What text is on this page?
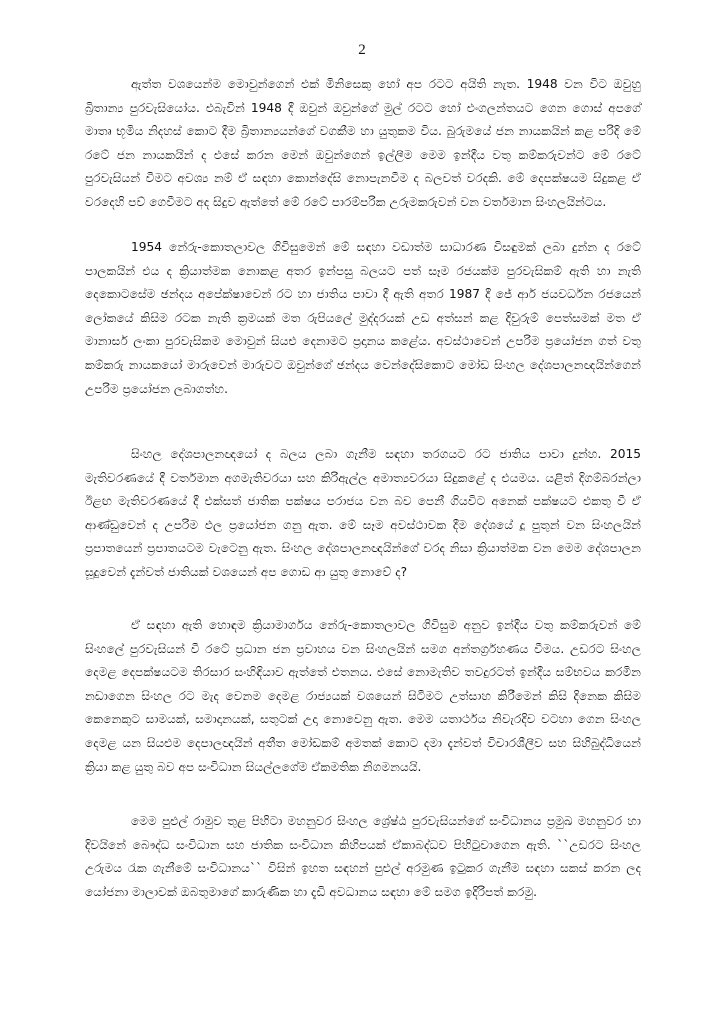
2

ඇත්ත වශයෙන්ම මොවුන්ගෙන් එක් මිනිසෙකු හෝ අප රටට අයිති නැත. 1948 වන විට ඔවුහු බ්‍රිතාන්‍ය පුරවැසියෝය. එබැවින් 1948 දී ඔවුන් ඔවුන්ගේ මුල් රටට හෝ එංගලන්තයට ගෙන ගොස් අපගේ මාතෘ භූමිය නිදහස් කොට දීම බ්‍රිතාන්‍යයන්ගේ වගකීම හා යුතුකම විය. බුරුමයේ ජන නායකයින් කළ පරිදි මේ රටේ ජන නායකයින් ද එසේ කරන මෙන් ඔවුන්ගෙන් ඉල්ලීම මෙම ඉන්දීය වතු කම්කරුවන්ට මේ රටේ පුරවැසියන් වීමට අවශ්‍ය නම් ඒ සඳහා කොන්දේසි නොපැනවීම ද බලවත් වරදකි. මේ දෙපක්ෂයම සිදුකළ ඒ වරදෙහි පව් ගෙවීමට අද සිදුව ඇත්තේ මේ රටේ පාරම්පරික උරුමකරුවන් වන වර්තමාන සිංහලයින්ටය.

1954 නේරු-කොතලාවල ගිවිසුමෙන් මේ සඳහා වඩාත්ම සාධාරණ විසඳුමක් ලබා දුන්න ද රටේ පාලකයින් එය ද ක්‍රියාත්මක නොකළ අතර ඉන්පසු බලයට පත් සෑම රජයක්ම පුරවැසිකම් ඇති හා නැති දෙකොටසේම ඡන්දය අපේක්ෂාවෙන් රට හා ජාතිය පාවා දී ඇති අතර 1987 දී ජේ ආර් ජයවර්ධන රජයෙන් ලෝකයේ කිසිම රටක නැති ක්‍රමයක් මත රුපියලේ මුද්දරයක් උඩ අත්සන් කළ දිවුරුම් පෙත්සමක් මත ඒ මානාර්ස ලංකා පුරවැසිකම මොවුන් සියළු දෙනාමට ප්‍රදානය කළේය. අවස්ථාවෙන් උපරිම ප්‍රයෝජන ගත් වතු කම්කරු නායකයෝ මාරුවෙන් මාරුවට ඔවුන්ගේ ඡන්දය වෙන්දේසිකොට මෝඩ සිංහල දේශපාලනඥයින්ගෙන් උපරිම ප්‍රයෝජන ලබාගත්හ.

සිංහල දේශපාලනඥයෝ ද බලය ලබා ගැනීම සඳහා තරගයට රට ජාතිය පාවා දුන්හ. 2015 මැතිවරණයේ දී වර්තමාන අගමැතිවරයා සහ කිරිඇල්ල අමාත්‍යවරයා සිදුකළේ ද එයමය. යළිත් දිගම්බරන්ලා ඊළඟ මැතිවරණයේ දී එක්සත් ජාතික පක්ෂය පරාජය වන බව පෙනී ගියවිට අනෙක් පක්ෂයට එකතු වී ඒ ආණ්ඩුවෙන් ද උපරිම ඵල ප්‍රයෝජන ගනු ඇත. මේ සෑම අවස්ථාවක දීම දේශයේ දූ පුතුන් වන සිංහලයින් ප්‍රපාතයෙන් ප්‍රපාතයටම වැටෙනු ඇත. සිංහල දේශපාලනඥයින්ගේ වරද නිසා ක්‍රියාත්මක වන මෙම දේශපාලන සූදුවෙන් දැන්වත් ජාතියක් වශයෙන් අප ගොඩ ආ යුතු නොවේ ද?

ඒ සඳහා ඇති හොඳම ක්‍රියාමාර්ගය නේරු-කොතලාවල ගිවිසුම අනුව ඉන්දීය වතු කම්කරුවන් මේ සිංහලේ පුරවැසියන් වී රටේ ප්‍රධාන ජන ප්‍රවාහය වන සිංහලයින් සමග අන්තර්ග්‍රහණය වීමය. උඩරට සිංහල දෙමළ දෙපක්ෂයටම තිරසාර සංහිඳියාව ඇත්තේ එතනය. එසේ නොමැතිව තවදුරටත් ඉන්දීය සම්භවය කරමින නඩාගෙන සිංහල රට මැද වෙනම දෙමළ රාජ්‍යයක් වශයෙන් සිටීමට උත්සාහ කිරීමෙන් කිසි දිනෙක කිසිම කෙනෙකුට සාමයක්, සමාදානයක්, සතුටක් උදා නොවෙනු ඇත. මෙම යතාර්ථය නිවැරදිව වටහා ගෙන සිංහල දෙමළ යන සියළුම දෙපාලඥයින් අතීත මෝඩකම් අමතක් කොට දමා දැන්වත් විචාරශීලීව සහ සිහිබුද්ධියෙන් ක්‍රියා කළ යුතු බව අප සංවිධාන සියල්ලගේම ඒකමතික නිගමනයයි.

මෙම පුළුල් රාමුව තුළ පිහිටා මහනුවර සිංහල ශ්‍රේෂ්ඨ පුරවැසියන්ගේ සංවිධානය ප්‍රමුඛ මහනුවර හා දිවයිනේ බෞද්ධ සංවිධාන සහ ජාතික සංවිධාන කිහිපයක් ඒකාබද්ධව පිහිටුවාගෙන ඇති. ``උඩරට සිංහල උරුමය රැක ගැනීමේ සංවිධානය`` විසින් ඉහත සඳහන් පුළුල් අරමුණ ඉටුකර ගැනීම සඳහා සකස් කරන ලද යෝජනා මාලාවක් ඔබතුමාගේ කාරුණික හා දැඩි අවධානය සඳහා මේ සමග ඉදිරිපත් කරමු.
